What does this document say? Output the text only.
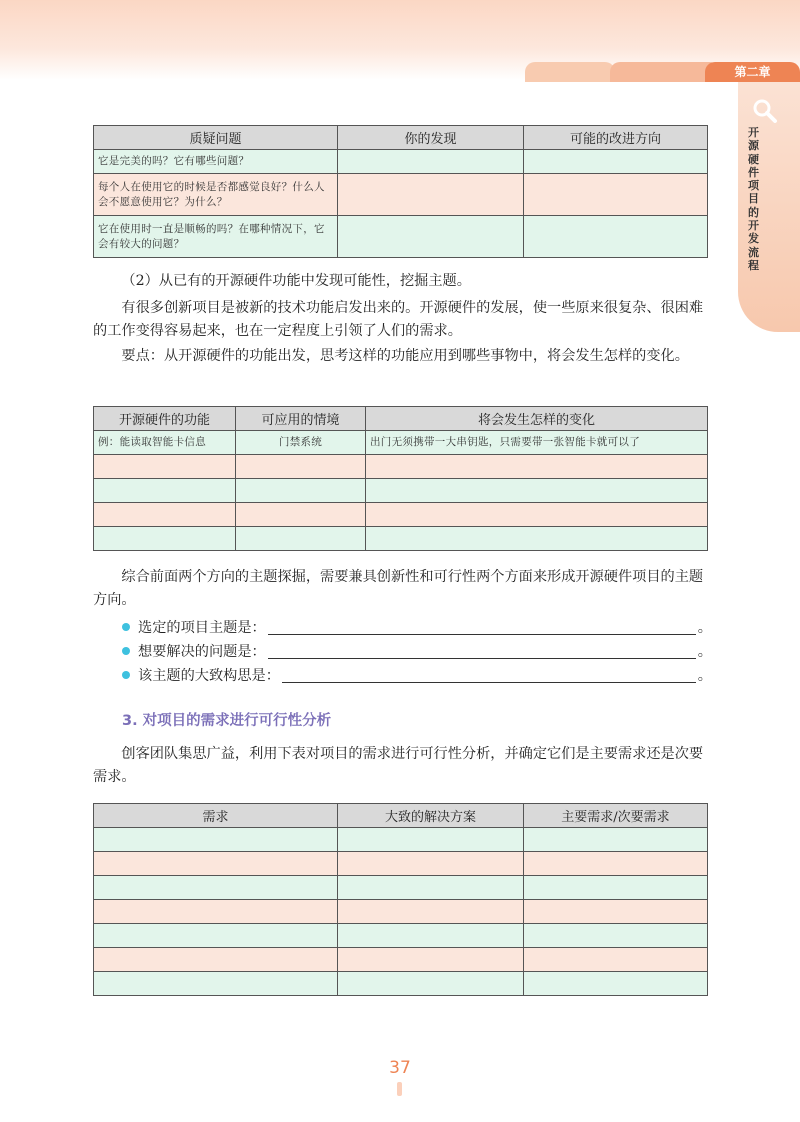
第二章
开源硬件项目的开发流程
质疑问题	你的发现	可能的改进方向
它是完美的吗？它有哪些问题？		
每个人在使用它的时候是否都感觉良好？什么人会不愿意使用它？为什么？		
它在使用时一直是顺畅的吗？在哪种情况下，它会有较大的问题？		

（2）从已有的开源硬件功能中发现可能性，挖掘主题。

有很多创新项目是被新的技术功能启发出来的。开源硬件的发展，使一些原来很复杂、很困难的工作变得容易起来，也在一定程度上引领了人们的需求。

要点：从开源硬件的功能出发，思考这样的功能应用到哪些事物中，将会发生怎样的变化。

开源硬件的功能	可应用的情境	将会发生怎样的变化
例：能读取智能卡信息	门禁系统	出门无须携带一大串钥匙，只需要带一张智能卡就可以了

综合前面两个方向的主题探掘，需要兼具创新性和可行性两个方面来形成开源硬件项目的主题方向。

选定的项目主题是：	。
想要解决的问题是：	。
该主题的大致构思是：	。
3. 对项目的需求进行可行性分析

创客团队集思广益，利用下表对项目的需求进行可行性分析，并确定它们是主要需求还是次要需求。

需求	大致的解决方案	主要需求/次要需求

37
